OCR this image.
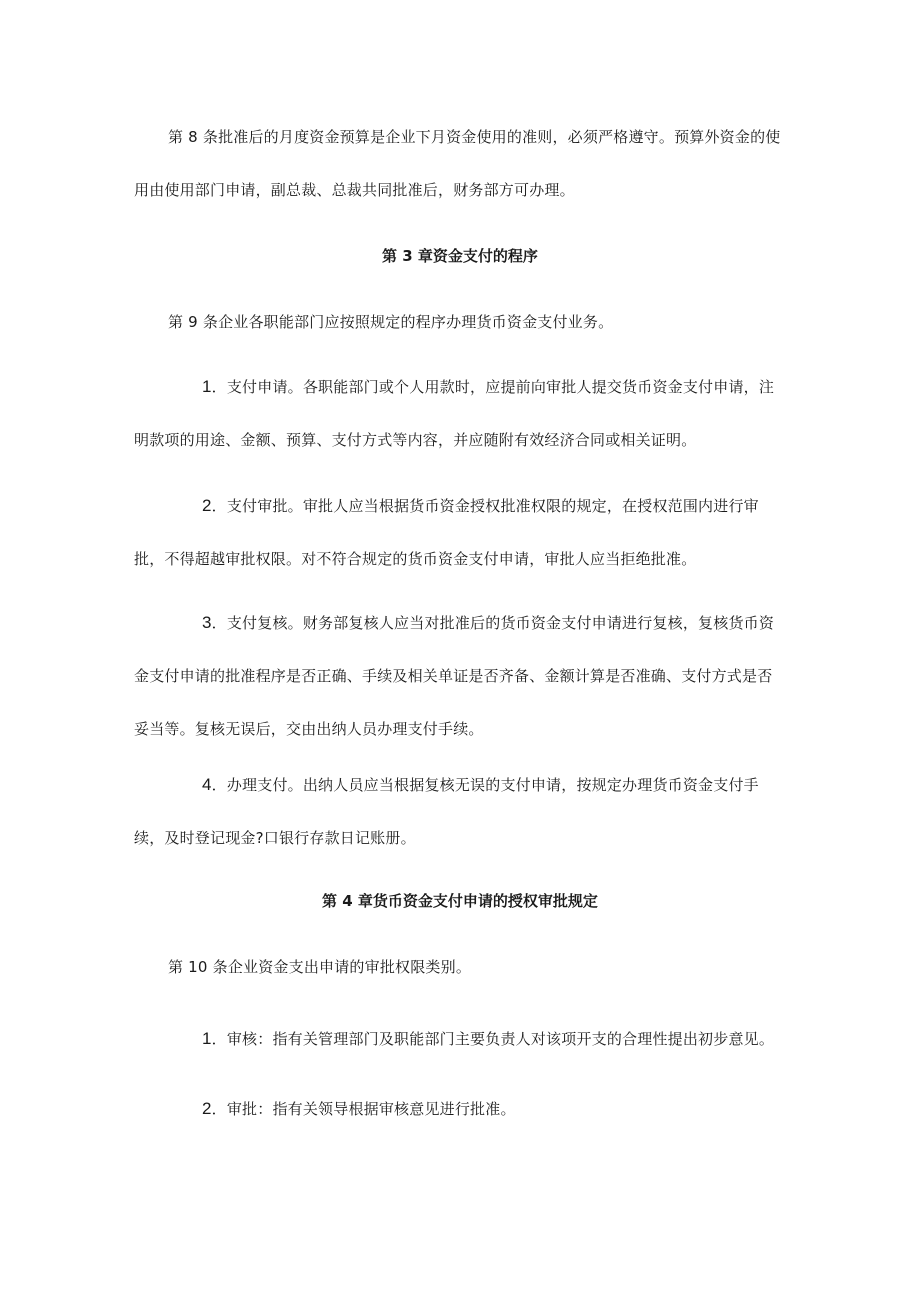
第 8 条批准后的月度资金预算是企业下月资金使用的准则，必须严格遵守。预算外资金的使用由使用部门申请，副总裁、总裁共同批准后，财务部方可办理。

第 3 章资金支付的程序

第 9 条企业各职能部门应按照规定的程序办理货币资金支付业务。

1．支付申请。各职能部门或个人用款时，应提前向审批人提交货币资金支付申请，注明款项的用途、金额、预算、支付方式等内容，并应随附有效经济合同或相关证明。

2．支付审批。审批人应当根据货币资金授权批准权限的规定，在授权范围内进行审批，不得超越审批权限。对不符合规定的货币资金支付申请，审批人应当拒绝批准。

3．支付复核。财务部复核人应当对批准后的货币资金支付申请进行复核，复核货币资金支付申请的批准程序是否正确、手续及相关单证是否齐备、金额计算是否准确、支付方式是否妥当等。复核无误后，交由出纳人员办理支付手续。

4．办理支付。出纳人员应当根据复核无误的支付申请，按规定办理货币资金支付手续，及时登记现金?口银行存款日记账册。

第 4 章货币资金支付申请的授权审批规定

第 10 条企业资金支出申请的审批权限类别。

1．审核：指有关管理部门及职能部门主要负责人对该项开支的合理性提出初步意见。

2．审批：指有关领导根据审核意见进行批准。
